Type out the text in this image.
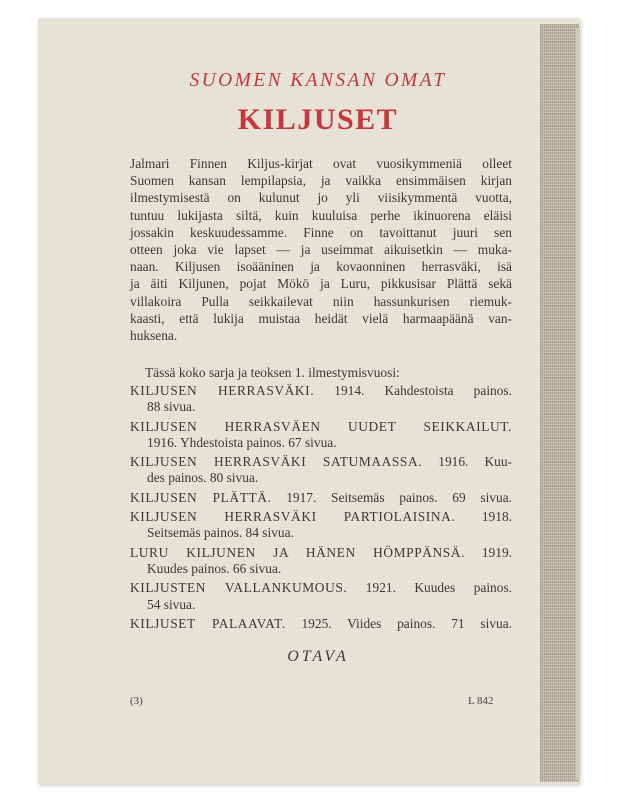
SUOMEN KANSAN OMAT
KILJUSET
Jalmari Finnen Kiljus-kirjat ovat vuosikymmeniä olleet
Suomen kansan lempilapsia, ja vaikka ensimmäisen kirjan
ilmestymisestä on kulunut jo yli viisikymmentä vuotta,
tuntuu lukijasta siltä, kuin kuuluisa perhe ikinuorena eläisi
jossakin keskuudessamme. Finne on tavoittanut juuri sen
otteen joka vie lapset — ja useimmat aikuisetkin — muka-
naan. Kiljusen isoääninen ja kovaonninen herrasväki, isä
ja äiti Kiljunen, pojat Mökö ja Luru, pikkusisar Plättä sekä
villakoira Pulla seikkailevat niin hassunkurisen riemuk-
kaasti, että lukija muistaa heidät vielä harmaapäänä van-
huksena.
Tässä koko sarja ja teoksen 1. ilmestymisvuosi:
KILJUSEN HERRASVÄKI. 1914. Kahdestoista painos.
88 sivua.
KILJUSEN HERRASVÄEN UUDET SEIKKAILUT.
1916. Yhdestoista painos. 67 sivua.
KILJUSEN HERRASVÄKI SATUMAASSA. 1916. Kuu-
des painos. 80 sivua.
KILJUSEN PLÄTTÄ. 1917. Seitsemäs painos. 69 sivua.
KILJUSEN HERRASVÄKI PARTIOLAISINA. 1918.
Seitsemäs painos. 84 sivua.
LURU KILJUNEN JA HÄNEN HÖMPPÄNSÄ. 1919.
Kuudes painos. 66 sivua.
KILJUSTEN VALLANKUMOUS. 1921. Kuudes painos.
54 sivua.
KILJUSET PALAAVAT. 1925. Viides painos. 71 sivua.
OTAVA
(3)	L 842
